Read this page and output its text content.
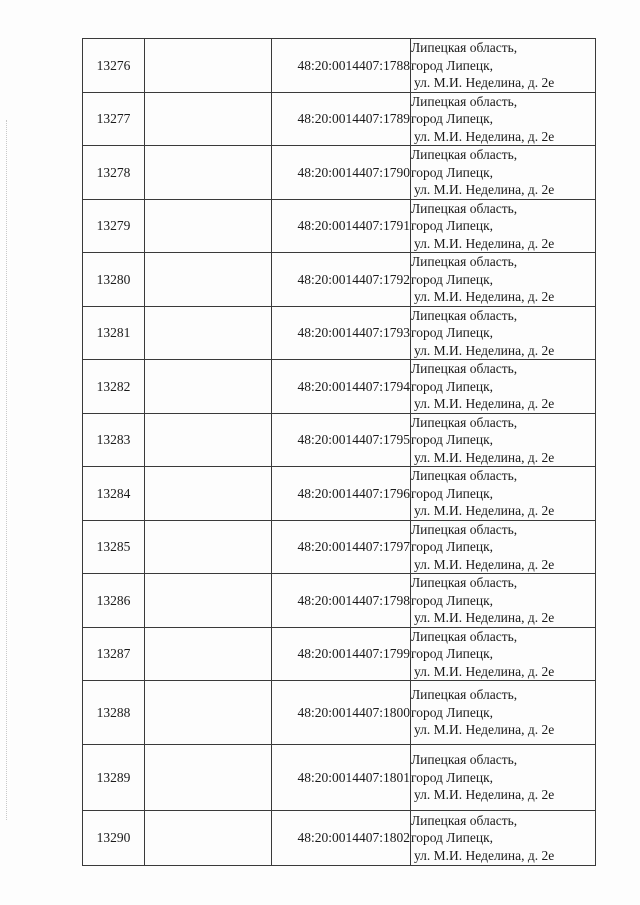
13276		48:20:0014407:1788	Липецкая область,
город Липецк,
ул. М.И. Неделина, д. 2е

13277		48:20:0014407:1789	Липецкая область,
город Липецк,
ул. М.И. Неделина, д. 2е

13278		48:20:0014407:1790	Липецкая область,
город Липецк,
ул. М.И. Неделина, д. 2е

13279		48:20:0014407:1791	Липецкая область,
город Липецк,
ул. М.И. Неделина, д. 2е

13280		48:20:0014407:1792	Липецкая область,
город Липецк,
ул. М.И. Неделина, д. 2е

13281		48:20:0014407:1793	Липецкая область,
город Липецк,
ул. М.И. Неделина, д. 2е

13282		48:20:0014407:1794	Липецкая область,
город Липецк,
ул. М.И. Неделина, д. 2е

13283		48:20:0014407:1795	Липецкая область,
город Липецк,
ул. М.И. Неделина, д. 2е

13284		48:20:0014407:1796	Липецкая область,
город Липецк,
ул. М.И. Неделина, д. 2е

13285		48:20:0014407:1797	Липецкая область,
город Липецк,
ул. М.И. Неделина, д. 2е

13286		48:20:0014407:1798	Липецкая область,
город Липецк,
ул. М.И. Неделина, д. 2е

13287		48:20:0014407:1799	Липецкая область,
город Липецк,
ул. М.И. Неделина, д. 2е

13288		48:20:0014407:1800	Липецкая область,
город Липецк,
ул. М.И. Неделина, д. 2е

13289		48:20:0014407:1801	Липецкая область,
город Липецк,
ул. М.И. Неделина, д. 2е

13290		48:20:0014407:1802	Липецкая область,
город Липецк,
ул. М.И. Неделина, д. 2е
